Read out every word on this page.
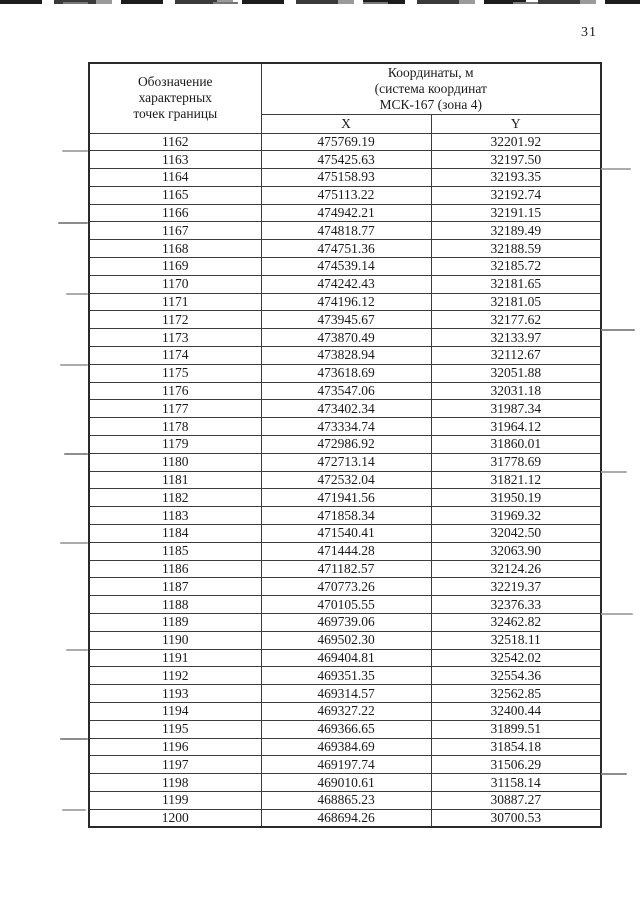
31
Обозначение
характерных
точек границы

Координаты, м
(система координат
МСК-167 (зона 4)

	X	Y
1162	475769.19	32201.92
1163	475425.63	32197.50
1164	475158.93	32193.35
1165	475113.22	32192.74
1166	474942.21	32191.15
1167	474818.77	32189.49
1168	474751.36	32188.59
1169	474539.14	32185.72
1170	474242.43	32181.65
1171	474196.12	32181.05
1172	473945.67	32177.62
1173	473870.49	32133.97
1174	473828.94	32112.67
1175	473618.69	32051.88
1176	473547.06	32031.18
1177	473402.34	31987.34
1178	473334.74	31964.12
1179	472986.92	31860.01
1180	472713.14	31778.69
1181	472532.04	31821.12
1182	471941.56	31950.19
1183	471858.34	31969.32
1184	471540.41	32042.50
1185	471444.28	32063.90
1186	471182.57	32124.26
1187	470773.26	32219.37
1188	470105.55	32376.33
1189	469739.06	32462.82
1190	469502.30	32518.11
1191	469404.81	32542.02
1192	469351.35	32554.36
1193	469314.57	32562.85
1194	469327.22	32400.44
1195	469366.65	31899.51
1196	469384.69	31854.18
1197	469197.74	31506.29
1198	469010.61	31158.14
1199	468865.23	30887.27
1200	468694.26	30700.53
